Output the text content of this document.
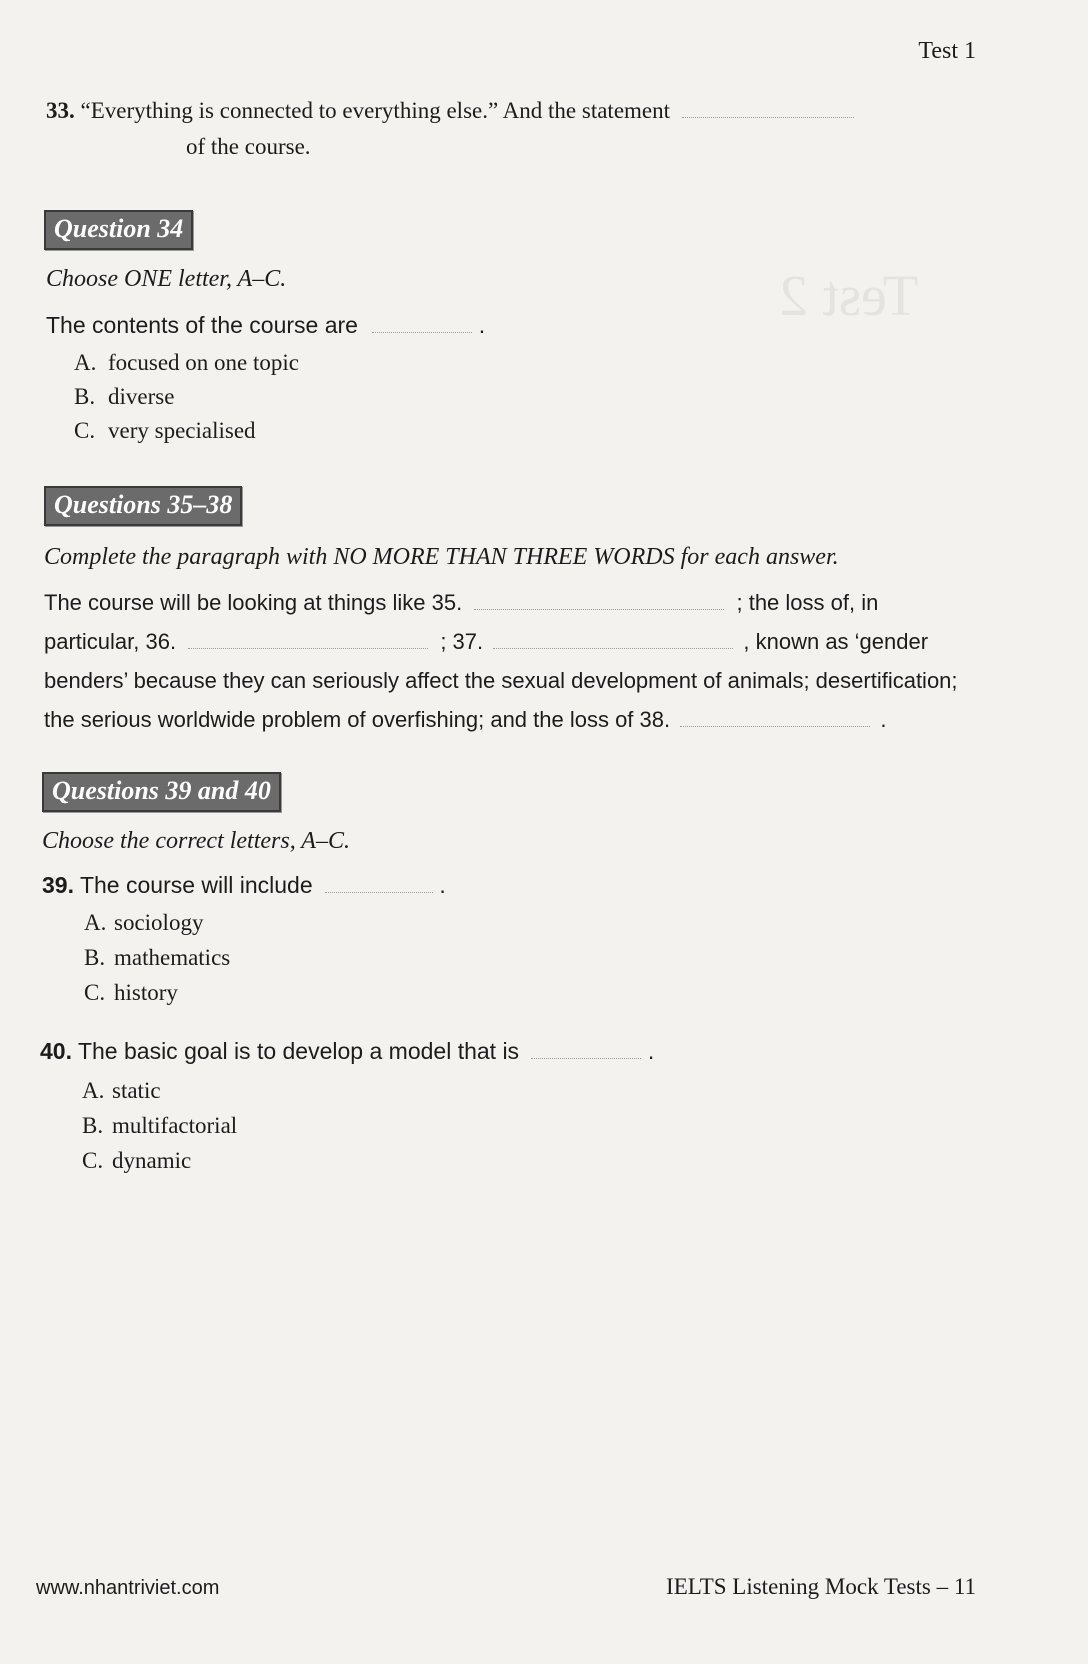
Test 2
Test 1
33. “Everything is connected to everything else.” And the statement
of the course.
Question 34
Choose ONE letter, A–C.
The contents of the course are	.
A. focused on one topic
B. diverse
C. very specialised
Questions 35–38
Complete the paragraph with NO MORE THAN THREE WORDS for each answer.
The course will be looking at things like 35.	; the loss of, in particular, 36.	; 37.	, known as ‘gender benders’ because they can seriously affect the sexual development of animals; desertification; the serious worldwide problem of overfishing; and the loss of 38.	.
Questions 39 and 40
Choose the correct letters, A–C.
39. The course will include	.
A. sociology
B. mathematics
C. history
40. The basic goal is to develop a model that is	.
A. static
B. multifactorial
C. dynamic
www.nhantriviet.com	IELTS Listening Mock Tests – 11
